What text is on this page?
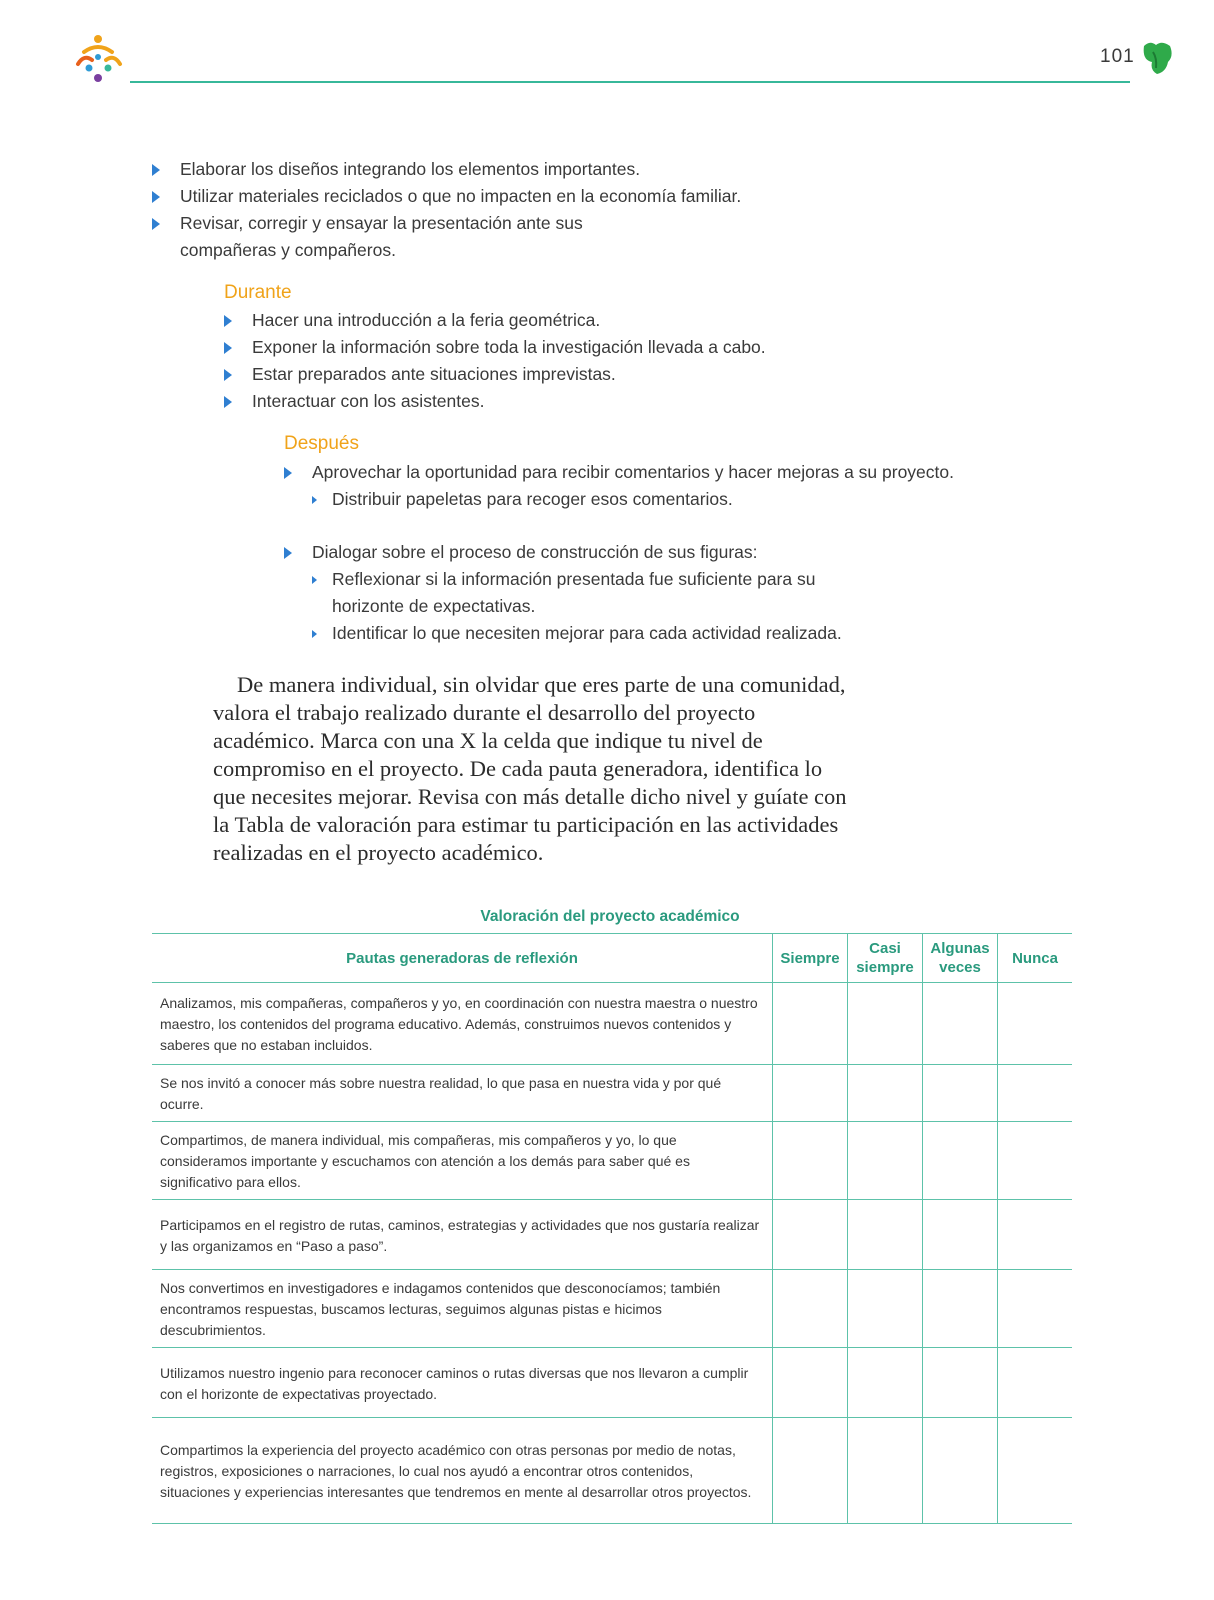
101
Elaborar los diseños integrando los elementos importantes.
Utilizar materiales reciclados o que no impacten en la economía familiar.
Revisar, corregir y ensayar la presentación ante sus compañeras y compañeros.
Durante
Hacer una introducción a la feria geométrica.
Exponer la información sobre toda la investigación llevada a cabo.
Estar preparados ante situaciones imprevistas.
Interactuar con los asistentes.
Después
Aprovechar la oportunidad para recibir comentarios y hacer mejoras a su proyecto.
Distribuir papeletas para recoger esos comentarios.
Dialogar sobre el proceso de construcción de sus figuras:
Reflexionar si la información presentada fue suficiente para su horizonte de expectativas.
Identificar lo que necesiten mejorar para cada actividad realizada.

De manera individual, sin olvidar que eres parte de una comunidad, valora el trabajo realizado durante el desarrollo del proyecto académico. Marca con una X la celda que indique tu nivel de compromiso en el proyecto. De cada pauta generadora, identifica lo que necesites mejorar. Revisa con más detalle dicho nivel y guíate con la Tabla de valoración para estimar tu participación en las actividades realizadas en el proyecto académico.

Valoración del proyecto académico
Pautas generadoras de reflexión	Siempre	Casi siempre	Algunas veces	Nunca
Analizamos, mis compañeras, compañeros y yo, en coordinación con nuestra maestra o nuestro maestro, los contenidos del programa educativo. Además, construimos nuevos contenidos y saberes que no estaban incluidos.				
Se nos invitó a conocer más sobre nuestra realidad, lo que pasa en nuestra vida y por qué ocurre.				
Compartimos, de manera individual, mis compañeras, mis compañeros y yo, lo que consideramos importante y escuchamos con atención a los demás para saber qué es significativo para ellos.				
Participamos en el registro de rutas, caminos, estrategias y actividades que nos gustaría realizar y las organizamos en “Paso a paso”.				
Nos convertimos en investigadores e indagamos contenidos que desconocíamos; también encontramos respuestas, buscamos lecturas, seguimos algunas pistas e hicimos descubrimientos.				
Utilizamos nuestro ingenio para reconocer caminos o rutas diversas que nos llevaron a cumplir con el horizonte de expectativas proyectado.				
Compartimos la experiencia del proyecto académico con otras personas por medio de notas, registros, exposiciones o narraciones, lo cual nos ayudó a encontrar otros contenidos, situaciones y experiencias interesantes que tendremos en mente al desarrollar otros proyectos.				
